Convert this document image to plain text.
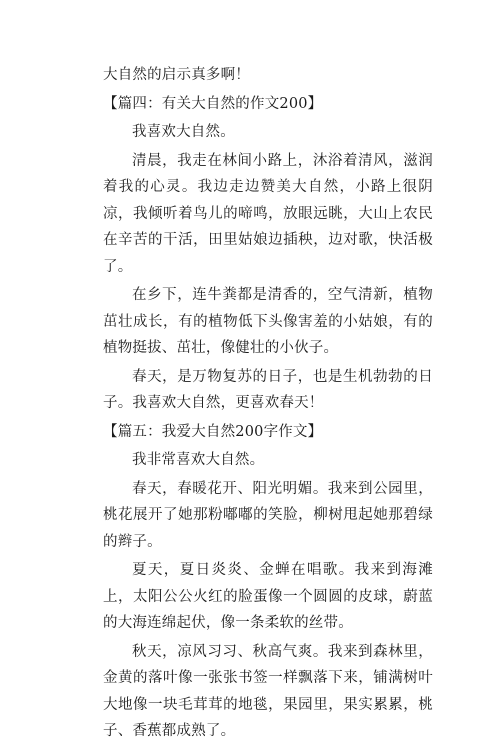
大自然的启示真多啊！

【篇四：有关大自然的作文200】

我喜欢大自然。

清晨，我走在林间小路上，沐浴着清风，滋润着我的心灵。我边走边赞美大自然，小路上很阴凉，我倾听着鸟儿的啼鸣，放眼远眺，大山上农民在辛苦的干活，田里姑娘边插秧，边对歌，快活极了。

在乡下，连牛粪都是清香的，空气清新，植物茁壮成长，有的植物低下头像害羞的小姑娘，有的植物挺拔、茁壮，像健壮的小伙子。

春天，是万物复苏的日子，也是生机勃勃的日子。我喜欢大自然，更喜欢春天！

【篇五：我爱大自然200字作文】

我非常喜欢大自然。

春天，春暖花开、阳光明媚。我来到公园里，桃花展开了她那粉嘟嘟的笑脸，柳树甩起她那碧绿的辫子。

夏天，夏日炎炎、金蝉在唱歌。我来到海滩上，太阳公公火红的脸蛋像一个圆圆的皮球，蔚蓝的大海连绵起伏，像一条柔软的丝带。

秋天，凉风习习、秋高气爽。我来到森林里，金黄的落叶像一张张书签一样飘落下来，铺满树叶大地像一块毛茸茸的地毯，果园里，果实累累，桃子、香蕉都成熟了。
